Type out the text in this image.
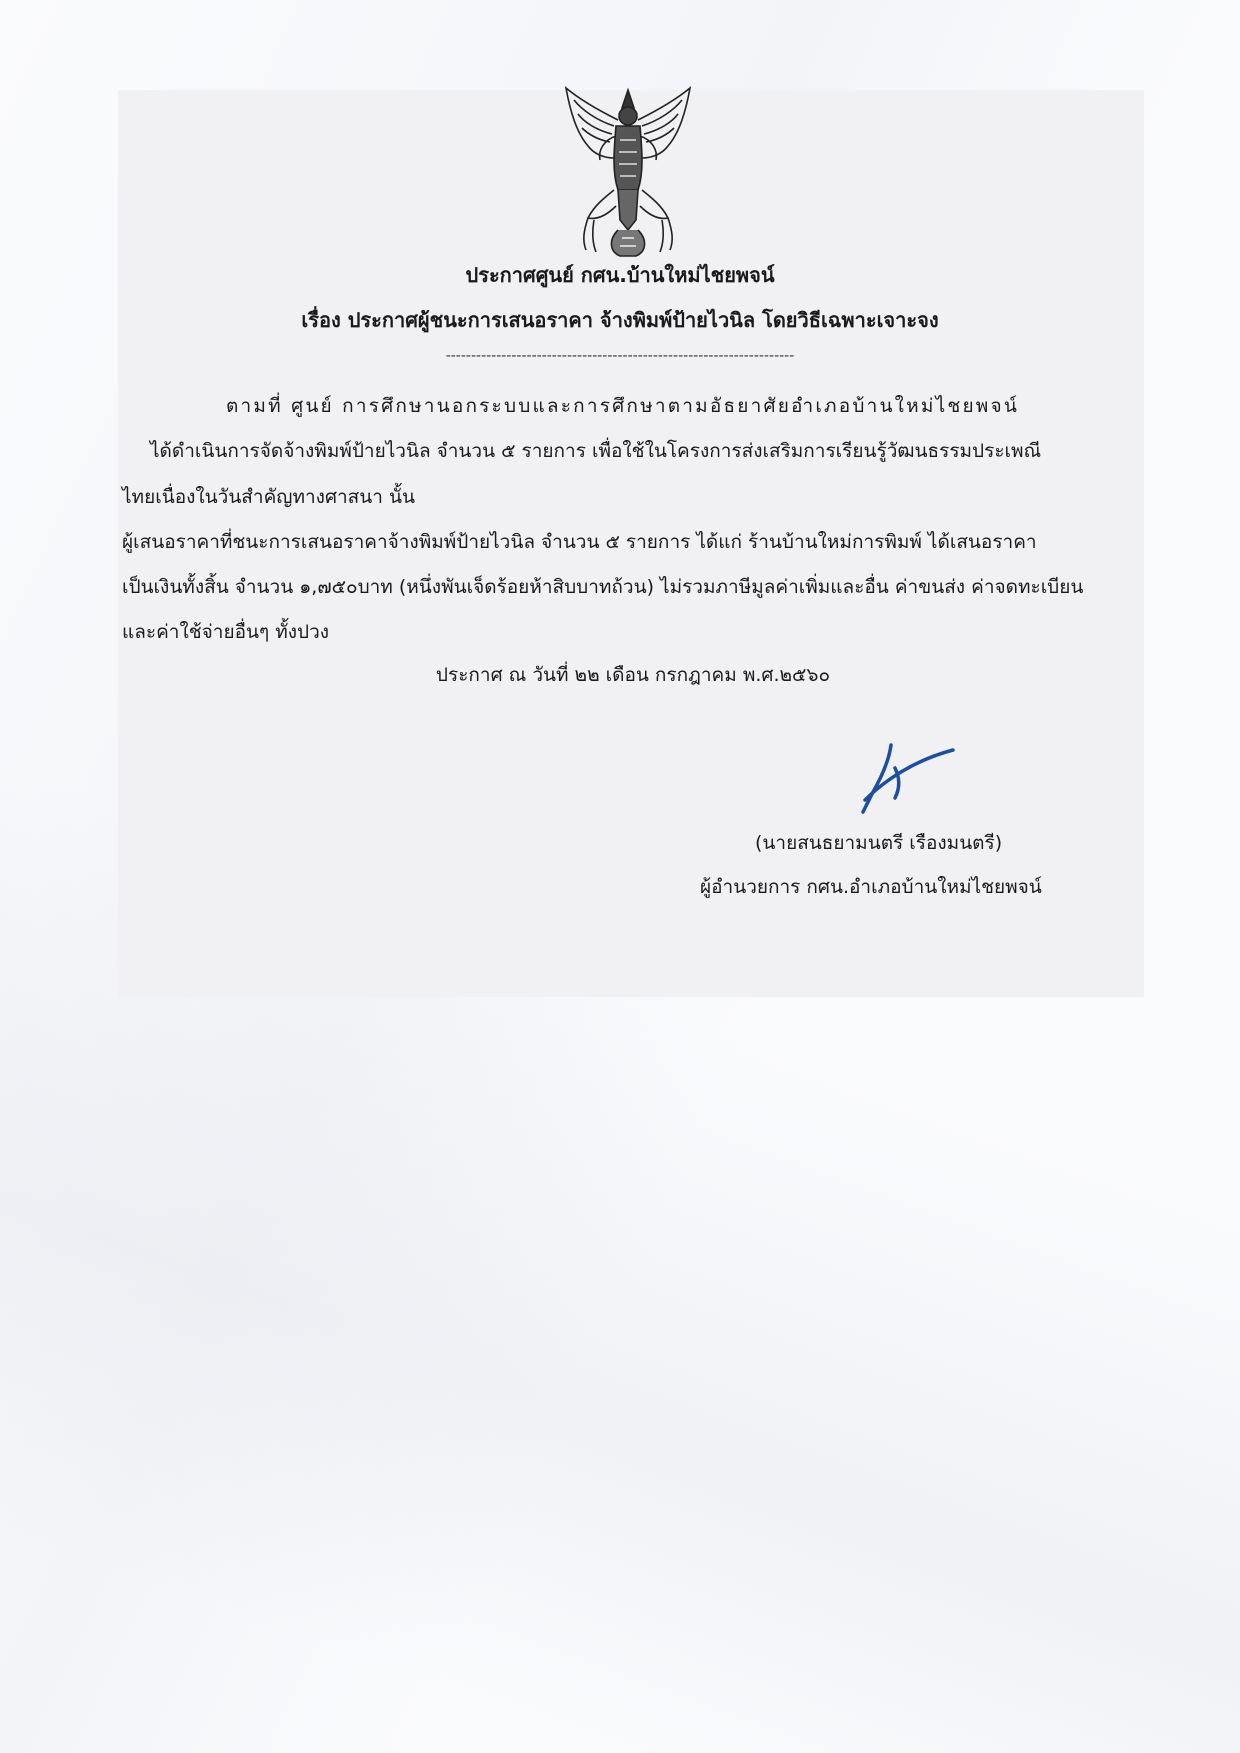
ประกาศศูนย์ กศน.บ้านใหม่ไชยพจน์
เรื่อง ประกาศผู้ชนะการเสนอราคา จ้างพิมพ์ป้ายไวนิล โดยวิธีเฉพาะเจาะจง
---------------------------------------------------------------------
ตามที่ ศูนย์ การศึกษานอกระบบและการศึกษาตามอัธยาศัยอำเภอบ้านใหม่ไชยพจน์
ได้ดำเนินการจัดจ้างพิมพ์ป้ายไวนิล จำนวน ๕ รายการ เพื่อใช้ในโครงการส่งเสริมการเรียนรู้วัฒนธรรมประเพณี
ไทยเนื่องในวันสำคัญทางศาสนา นั้น
ผู้เสนอราคาที่ชนะการเสนอราคาจ้างพิมพ์ป้ายไวนิล จำนวน ๕ รายการ ได้แก่ ร้านบ้านใหม่การพิมพ์ ได้เสนอราคา
เป็นเงินทั้งสิ้น จำนวน ๑,๗๕๐บาท (หนึ่งพันเจ็ดร้อยห้าสิบบาทถ้วน) ไม่รวมภาษีมูลค่าเพิ่มและอื่น ค่าขนส่ง ค่าจดทะเบียน
และค่าใช้จ่ายอื่นๆ ทั้งปวง
ประกาศ ณ วันที่ ๒๒ เดือน กรกฎาคม พ.ศ.๒๕๖๐
(นายสนธยามนตรี เรืองมนตรี)
ผู้อำนวยการ กศน.อำเภอบ้านใหม่ไชยพจน์
